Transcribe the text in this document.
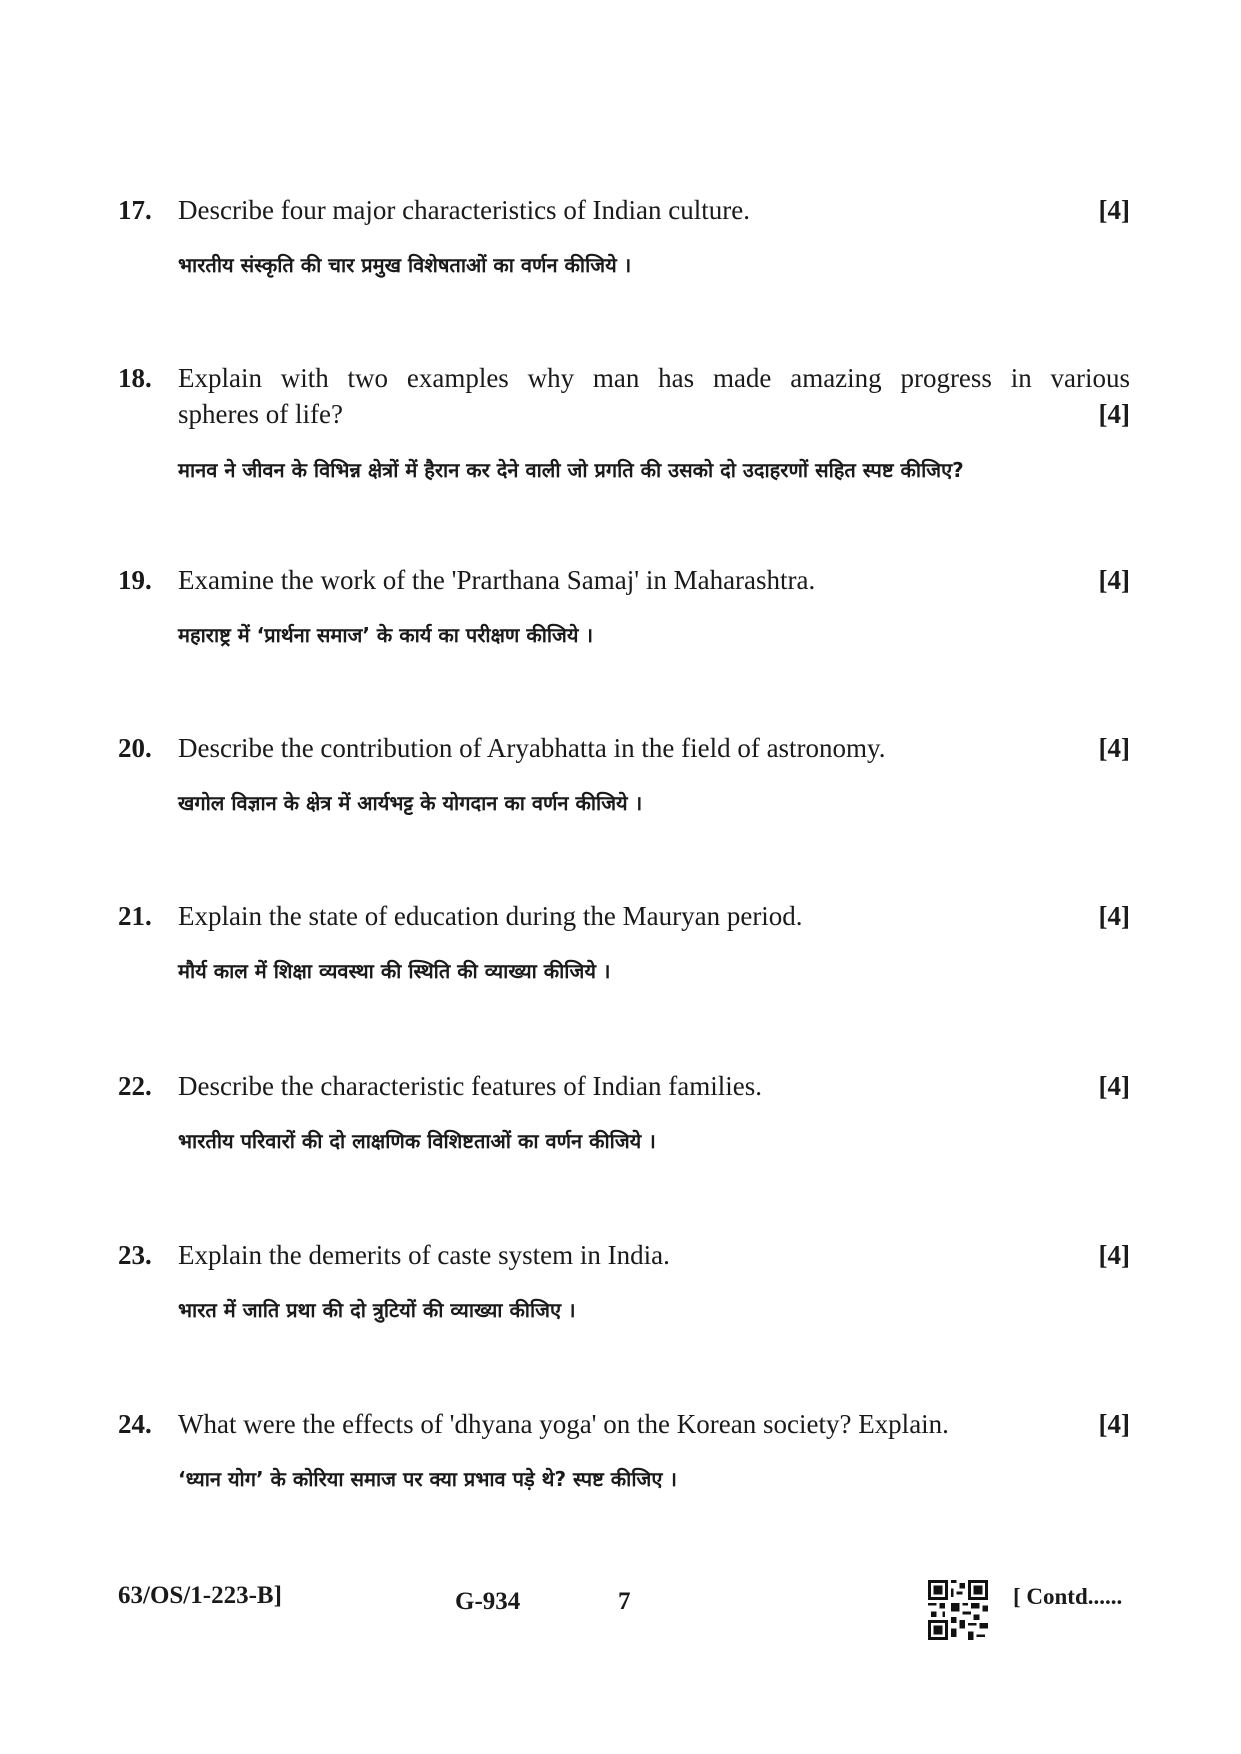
17. Describe four major characteristics of Indian culture.	[4]
भारतीय संस्कृति की चार प्रमुख विशेषताओं का वर्णन कीजिये ।
18. Explain with two examples why man has made amazing progress in various
spheres of life?	[4]
मानव ने जीवन के विभिन्न क्षेत्रों में हैरान कर देने वाली जो प्रगति की उसको दो उदाहरणों सहित स्पष्ट कीजिए?
19. Examine the work of the 'Prarthana Samaj' in Maharashtra.	[4]
महाराष्ट्र में ‘प्रार्थना समाज’ के कार्य का परीक्षण कीजिये ।
20. Describe the contribution of Aryabhatta in the field of astronomy.	[4]
खगोल विज्ञान के क्षेत्र में आर्यभट्ट के योगदान का वर्णन कीजिये ।
21. Explain the state of education during the Mauryan period.	[4]
मौर्य काल में शिक्षा व्यवस्था की स्थिति की व्याख्या कीजिये ।
22. Describe the characteristic features of Indian families.	[4]
भारतीय परिवारों की दो लाक्षणिक विशिष्टताओं का वर्णन कीजिये ।
23. Explain the demerits of caste system in India.	[4]
भारत में जाति प्रथा की दो त्रुटियों की व्याख्या कीजिए ।
24. What were the effects of 'dhyana yoga' on the Korean society? Explain.	[4]
‘ध्यान योग’ के कोरिया समाज पर क्या प्रभाव पड़े थे? स्पष्ट कीजिए ।
63/OS/1-223-B]	G-934	7	[ Contd......
